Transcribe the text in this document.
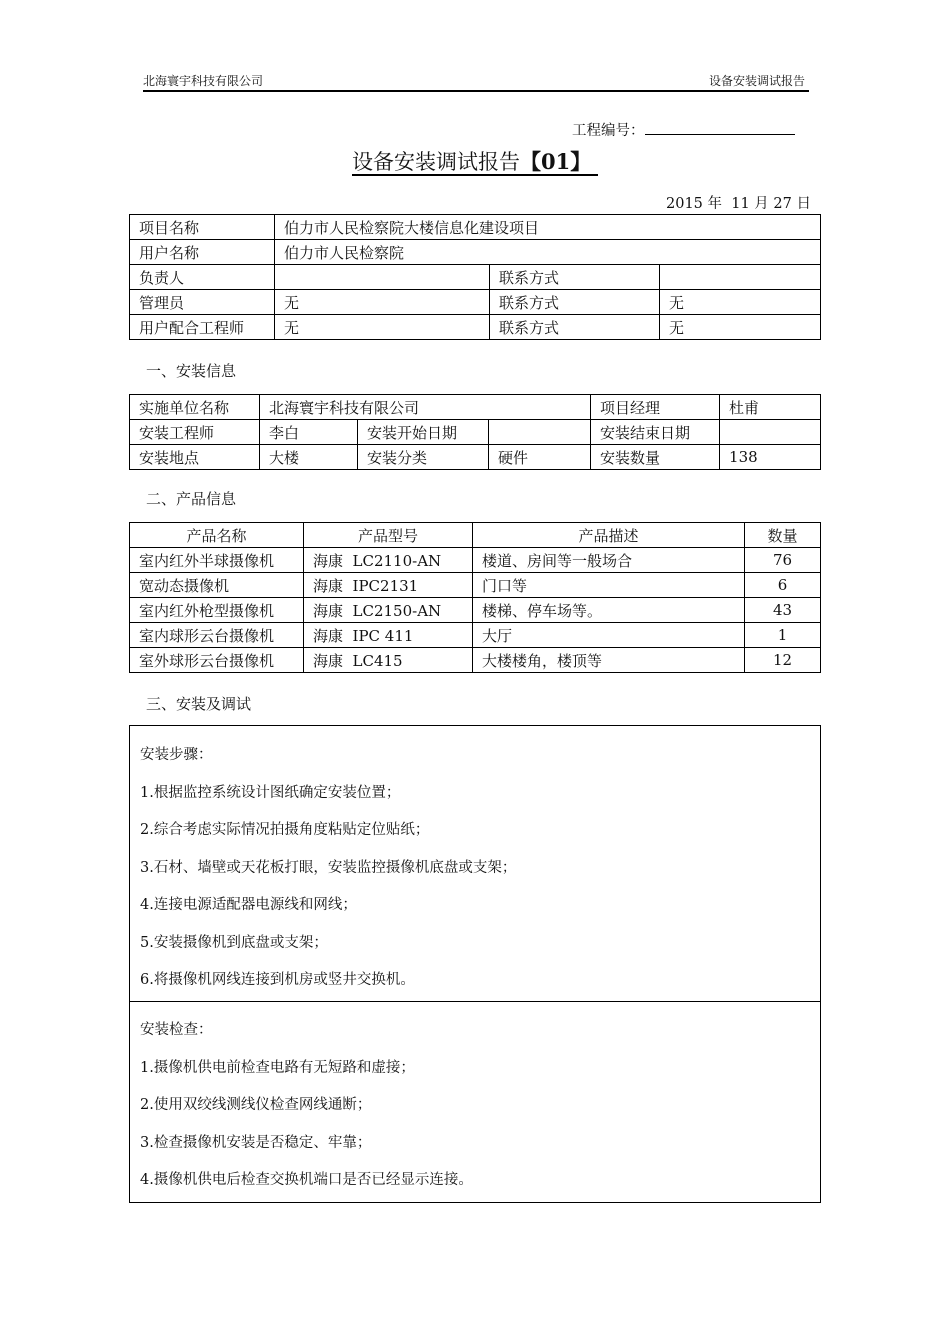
北海寰宇科技有限公司	设备安装调试报告
工程编号：
设备安装调试报告【01】
2015 年  11 月 27 日
项目名称	伯力市人民检察院大楼信息化建设项目		
用户名称	伯力市人民检察院		
负责人		联系方式	
管理员	无	联系方式	无
用户配合工程师	无	联系方式	无
一、安装信息
实施单位名称	北海寰宇科技有限公司			项目经理	杜甫
安装工程师	李白	安装开始日期		安装结束日期	
安装地点	大楼	安装分类	硬件	安装数量	138
二、产品信息
产品名称	产品型号	产品描述	数量
室内红外半球摄像机	海康  LC2110-AN	楼道、房间等一般场合	76
宽动态摄像机	海康  IPC2131	门口等	6
室内红外枪型摄像机	海康  LC2150-AN	楼梯、停车场等。	43
室内球形云台摄像机	海康  IPC 411	大厅	1
室外球形云台摄像机	海康  LC415	大楼楼角，楼顶等	12
三、安装及调试
安装步骤：
1.根据监控系统设计图纸确定安装位置；
2.综合考虑实际情况拍摄角度粘贴定位贴纸；
3.石材、墙壁或天花板打眼，安装监控摄像机底盘或支架；
4.连接电源适配器电源线和网线；
5.安装摄像机到底盘或支架；
6.将摄像机网线连接到机房或竖井交换机。
安装检查：
1.摄像机供电前检查电路有无短路和虚接；
2.使用双绞线测线仪检查网线通断；
3.检查摄像机安装是否稳定、牢靠；
4.摄像机供电后检查交换机端口是否已经显示连接。
